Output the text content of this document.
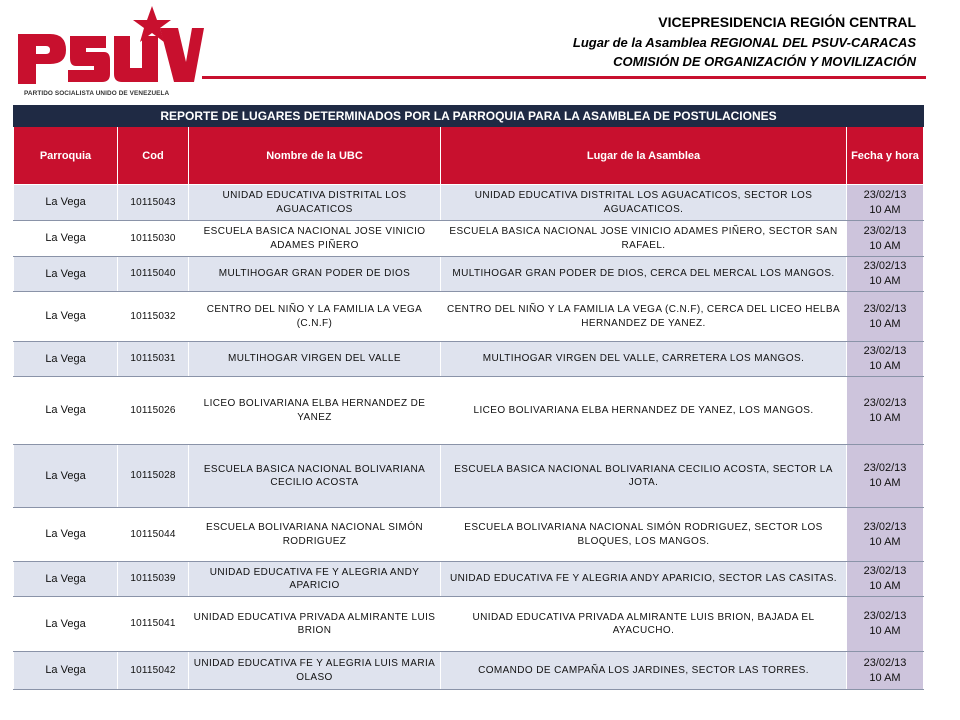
PARTIDO SOCIALISTA UNIDO DE VENEZUELA
VICEPRESIDENCIA REGIÓN CENTRAL
Lugar de la Asamblea REGIONAL DEL PSUV-CARACAS
COMISIÓN DE ORGANIZACIÓN Y MOVILIZACIÓN
REPORTE DE LUGARES DETERMINADOS POR LA PARROQUIA PARA LA ASAMBLEA DE POSTULACIONES				
Parroquia	Cod	Nombre de la UBC	Lugar de la Asamblea	Fecha y hora
La Vega	10115043	UNIDAD EDUCATIVA DISTRITAL LOS AGUACATICOS	UNIDAD EDUCATIVA DISTRITAL LOS AGUACATICOS, SECTOR LOS AGUACATICOS.	23/02/13
10 AM

La Vega	10115030	ESCUELA BASICA NACIONAL JOSE VINICIO ADAMES PIÑERO	ESCUELA BASICA NACIONAL JOSE VINICIO ADAMES PIÑERO, SECTOR SAN RAFAEL.	23/02/13
10 AM

La Vega	10115040	MULTIHOGAR GRAN PODER DE DIOS	MULTIHOGAR GRAN PODER DE DIOS, CERCA DEL MERCAL LOS MANGOS.	23/02/13
10 AM

La Vega	10115032	CENTRO DEL NIÑO Y LA FAMILIA LA VEGA (C.N.F)	CENTRO DEL NIÑO Y LA FAMILIA LA VEGA (C.N.F), CERCA DEL LICEO HELBA HERNANDEZ DE YANEZ.	23/02/13
10 AM

La Vega	10115031	MULTIHOGAR VIRGEN DEL VALLE	MULTIHOGAR VIRGEN DEL VALLE, CARRETERA LOS MANGOS.	23/02/13
10 AM

La Vega	10115026	LICEO BOLIVARIANA ELBA HERNANDEZ DE YANEZ	LICEO BOLIVARIANA ELBA HERNANDEZ DE YANEZ, LOS MANGOS.	23/02/13
10 AM

La Vega	10115028	ESCUELA BASICA NACIONAL BOLIVARIANA CECILIO ACOSTA	ESCUELA BASICA NACIONAL BOLIVARIANA CECILIO ACOSTA, SECTOR LA JOTA.	23/02/13
10 AM

La Vega	10115044	ESCUELA BOLIVARIANA NACIONAL SIMÓN RODRIGUEZ	ESCUELA BOLIVARIANA NACIONAL SIMÓN RODRIGUEZ, SECTOR LOS BLOQUES, LOS MANGOS.	23/02/13
10 AM

La Vega	10115039	UNIDAD EDUCATIVA FE Y ALEGRIA ANDY APARICIO	UNIDAD EDUCATIVA FE Y ALEGRIA ANDY APARICIO, SECTOR LAS CASITAS.	23/02/13
10 AM

La Vega	10115041	UNIDAD EDUCATIVA PRIVADA ALMIRANTE LUIS BRION	UNIDAD EDUCATIVA PRIVADA ALMIRANTE LUIS BRION, BAJADA EL AYACUCHO.	23/02/13
10 AM

La Vega	10115042	UNIDAD EDUCATIVA FE Y ALEGRIA LUIS MARIA OLASO	COMANDO DE CAMPAÑA LOS JARDINES, SECTOR LAS TORRES.	23/02/13
10 AM
